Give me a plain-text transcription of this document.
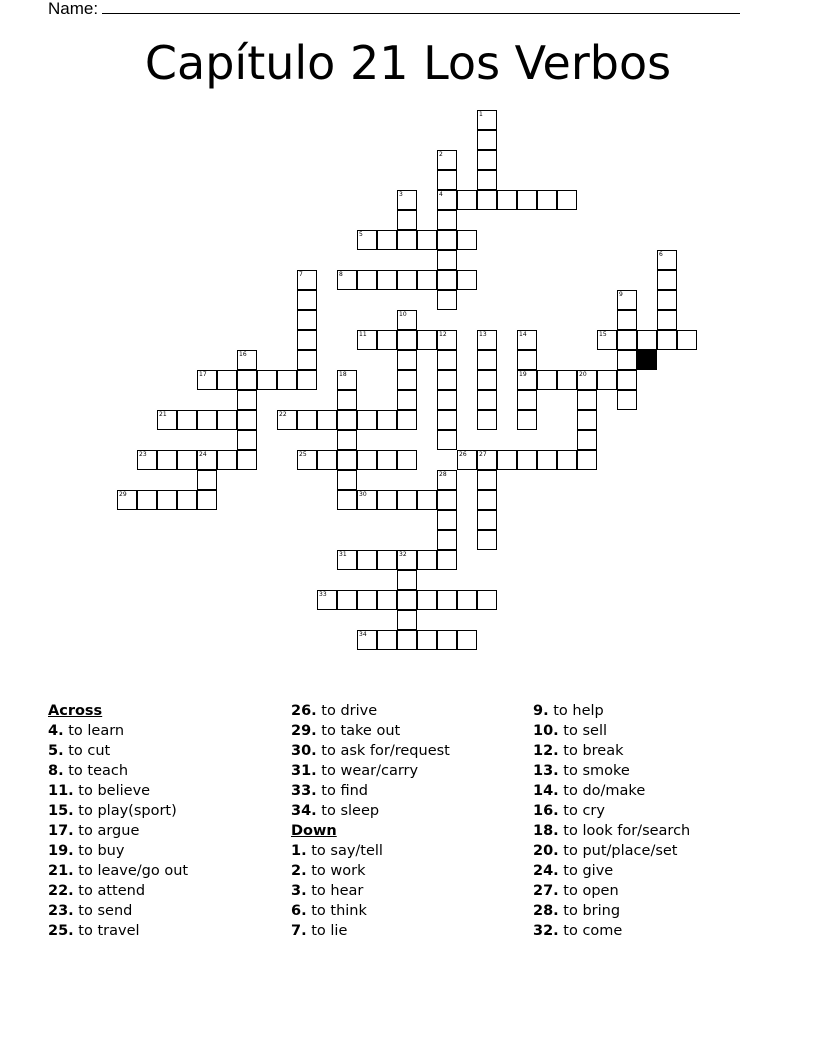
Name:
Capítulo 21 Los Verbos
1
2
4
3
5
6
7	8
9
10
11	12	13	14
19
15
16
17	18	20
21	22
23	24	25	26 27
28
29	30
31	32
33
34
Across
4. to learn
5. to cut
8. to teach
11. to believe
15. to play(sport)
17. to argue
19. to buy
21. to leave/go out
22. to attend
23. to send
25. to travel
26. to drive
29. to take out
30. to ask for/request
31. to wear/carry
33. to find
34. to sleep
Down
1. to say/tell
2. to work
3. to hear
6. to think
7. to lie
9. to help
10. to sell
12. to break
13. to smoke
14. to do/make
16. to cry
18. to look for/search
20. to put/place/set
24. to give
27. to open
28. to bring
32. to come
